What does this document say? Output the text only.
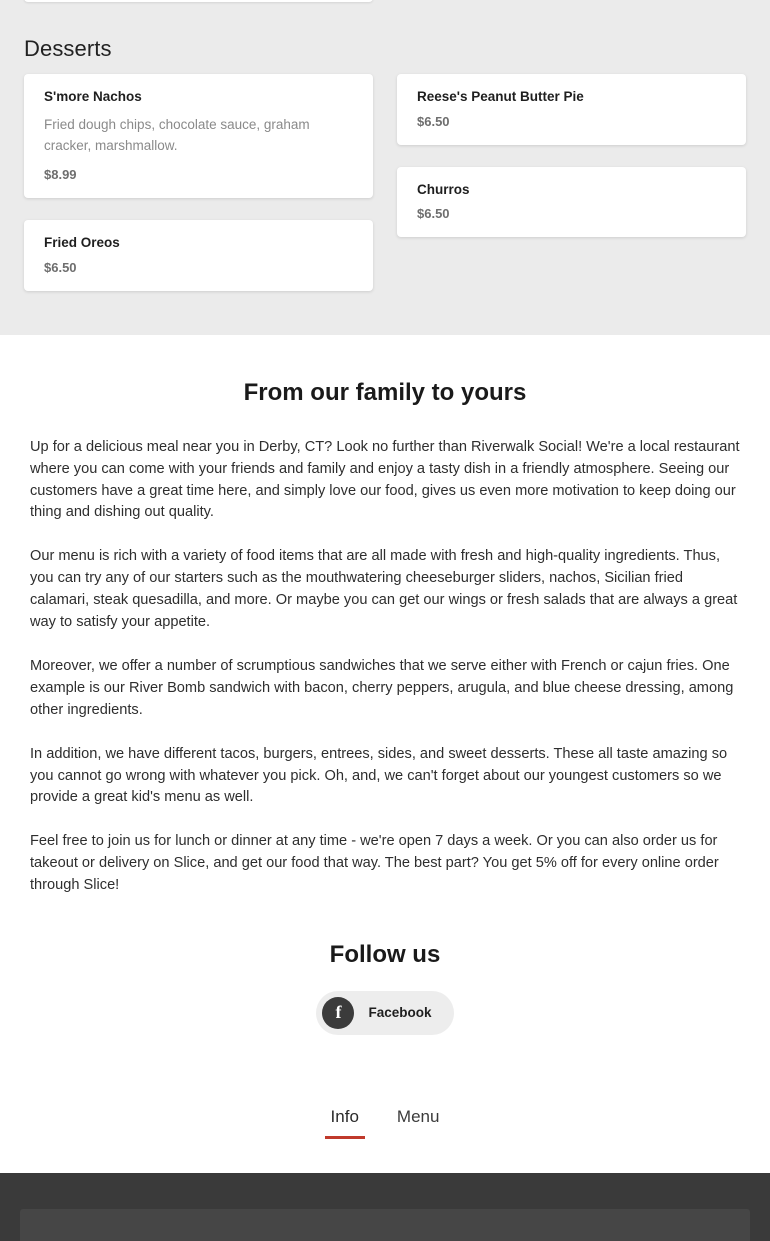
Desserts

S'more Nachos

Fried dough chips, chocolate sauce, graham cracker, marshmallow.

$8.99

Fried Oreos

$6.50

Reese's Peanut Butter Pie

$6.50

Churros

$6.50

From our family to yours

Up for a delicious meal near you in Derby, CT? Look no further than Riverwalk Social! We're a local restaurant where you can come with your friends and family and enjoy a tasty dish in a friendly atmosphere. Seeing our customers have a great time here, and simply love our food, gives us even more motivation to keep doing our thing and dishing out quality.

Our menu is rich with a variety of food items that are all made with fresh and high-quality ingredients. Thus, you can try any of our starters such as the mouthwatering cheeseburger sliders, nachos, Sicilian fried calamari, steak quesadilla, and more. Or maybe you can get our wings or fresh salads that are always a great way to satisfy your appetite.

Moreover, we offer a number of scrumptious sandwiches that we serve either with French or cajun fries. One example is our River Bomb sandwich with bacon, cherry peppers, arugula, and blue cheese dressing, among other ingredients.

In addition, we have different tacos, burgers, entrees, sides, and sweet desserts. These all taste amazing so you cannot go wrong with whatever you pick. Oh, and, we can't forget about our youngest customers so we provide a great kid's menu as well.

Feel free to join us for lunch or dinner at any time - we're open 7 days a week. Or you can also order us for takeout or delivery on Slice, and get our food that way. The best part? You get 5% off for every online order through Slice!

Follow us
f	Facebook
Info	Menu
